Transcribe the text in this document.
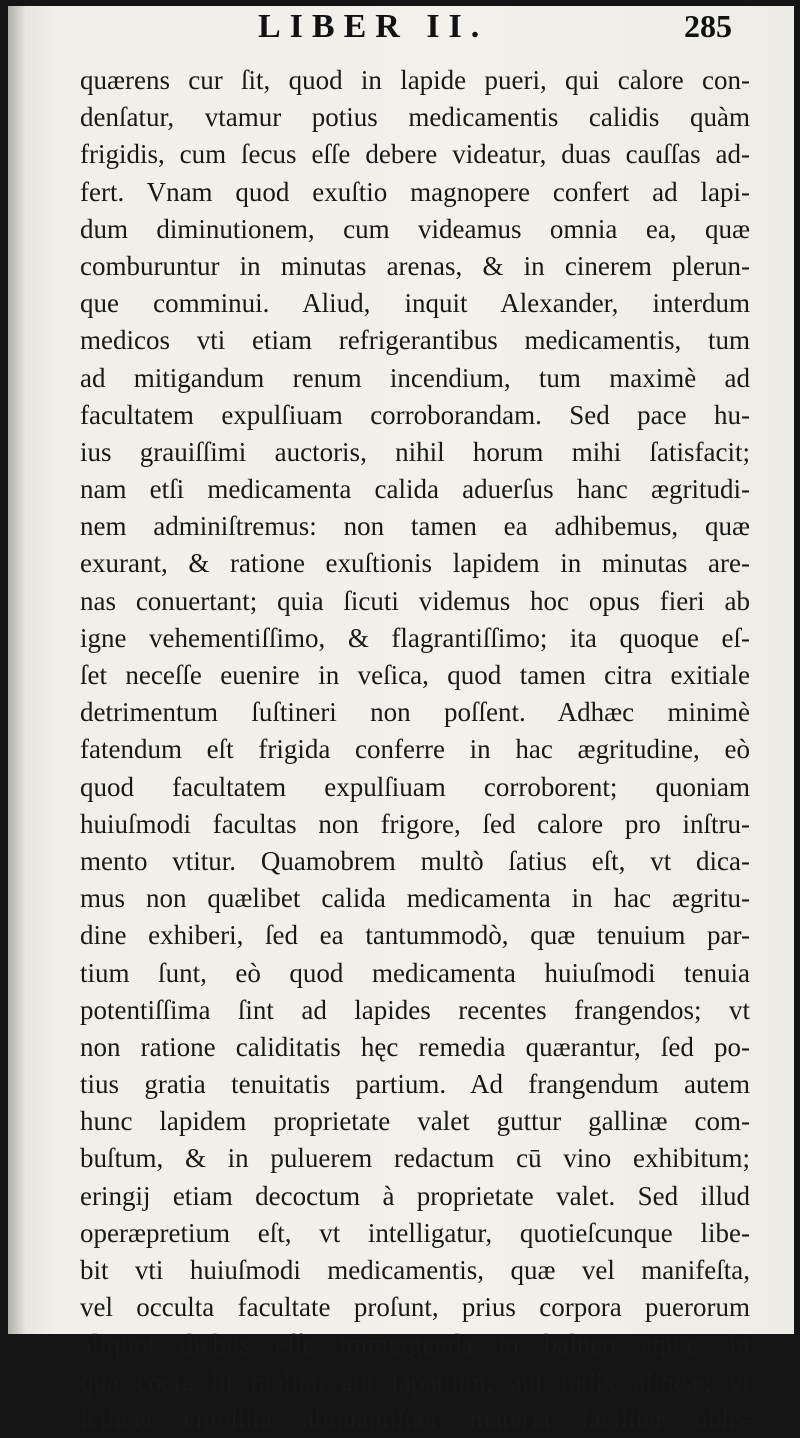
LIBER II.	285
quærens cur ſit, quod in lapide pueri, qui calore con-
denſatur, vtamur potius medicamentis calidis quàm
frigidis, cum ſecus eſſe debere videatur, duas cauſſas ad-
fert. Vnam quod exuſtio magnopere confert ad lapi-
dum diminutionem, cum videamus omnia ea, quæ
comburuntur in minutas arenas, & in cinerem plerun-
que comminui. Aliud, inquit Alexander, interdum
medicos vti etiam refrigerantibus medicamentis, tum
ad mitigandum renum incendium, tum maximè ad
facultatem expulſiuam corroborandam. Sed pace hu-
ius grauiſſimi auctoris, nihil horum mihi ſatisfacit;
nam etſi medicamenta calida aduerſus hanc ægritudi-
nem adminiſtremus: non tamen ea adhibemus, quæ
exurant, & ratione exuſtionis lapidem in minutas are-
nas conuertant; quia ſicuti videmus hoc opus fieri ab
igne vehementiſſimo, & flagrantiſſimo; ita quoque eſ-
ſet neceſſe euenire in veſica, quod tamen citra exitiale
detrimentum ſuſtineri non poſſent. Adhæc minimè
fatendum eſt frigida conferre in hac ægritudine, eò
quod facultatem expulſiuam corroborent; quoniam
huiuſmodi facultas non frigore, ſed calore pro inſtru-
mento vtitur. Quamobrem multò ſatius eſt, vt dica-
mus non quælibet calida medicamenta in hac ægritu-
dine exhiberi, ſed ea tantummodò, quæ tenuium par-
tium ſunt, eò quod medicamenta huiuſmodi tenuia
potentiſſima ſint ad lapides recentes frangendos; vt
non ratione caliditatis hęc remedia quærantur, ſed po-
tius gratia tenuitatis partium. Ad frangendum autem
hunc lapidem proprietate valet guttur gallinæ com-
buſtum, & in puluerem redactum cū vino exhibitum;
eringij etiam decoctum à proprietate valet. Sed illud
operæpretium eſt, vt intelligatur, quotieſcunque libe-
bit vti huiuſmodi medicamentis, quæ vel manifeſta,
vel occulta facultate proſunt, prius corpora puerorum
aliquot diebus eſſe immergenda in balneo aquæ, in
qua cocta ſit malua, aut lapatium, aut radix altheæ; vt
ſcilicet emollita aliquantiſper materia faciliter obſe-
